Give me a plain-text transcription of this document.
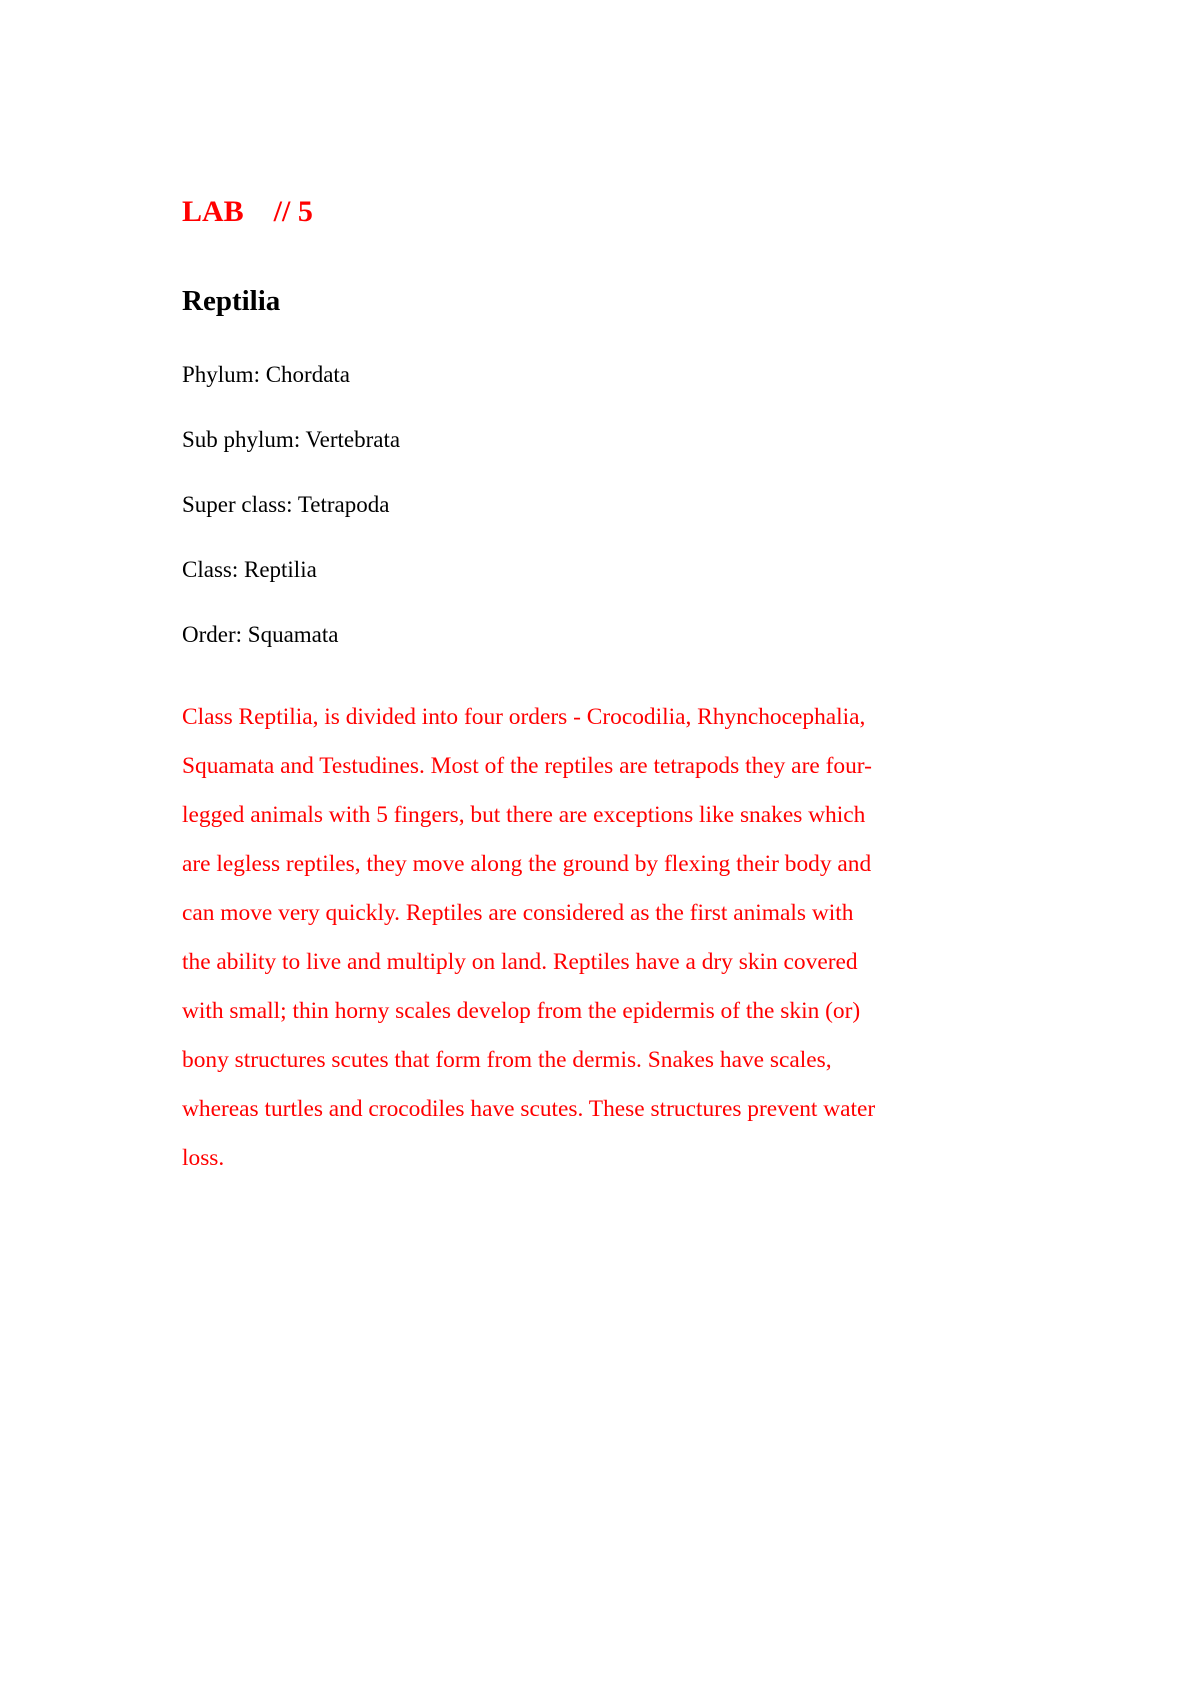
LAB    // 5
Reptilia
Phylum: Chordata
Sub phylum: Vertebrata
Super class: Tetrapoda
Class: Reptilia
Order: Squamata

Class Reptilia, is divided into four orders - Crocodilia, Rhynchocephalia,
Squamata and Testudines. Most of the reptiles are tetrapods they are four-
legged animals with 5 fingers, but there are exceptions like snakes which
are legless reptiles, they move along the ground by flexing their body and
can move very quickly. Reptiles are considered as the first animals with
the ability to live and multiply on land. Reptiles have a dry skin covered
with small; thin horny scales develop from the epidermis of the skin (or)
bony structures scutes that form from the dermis. Snakes have scales,
whereas turtles and crocodiles have scutes. These structures prevent water
loss.
